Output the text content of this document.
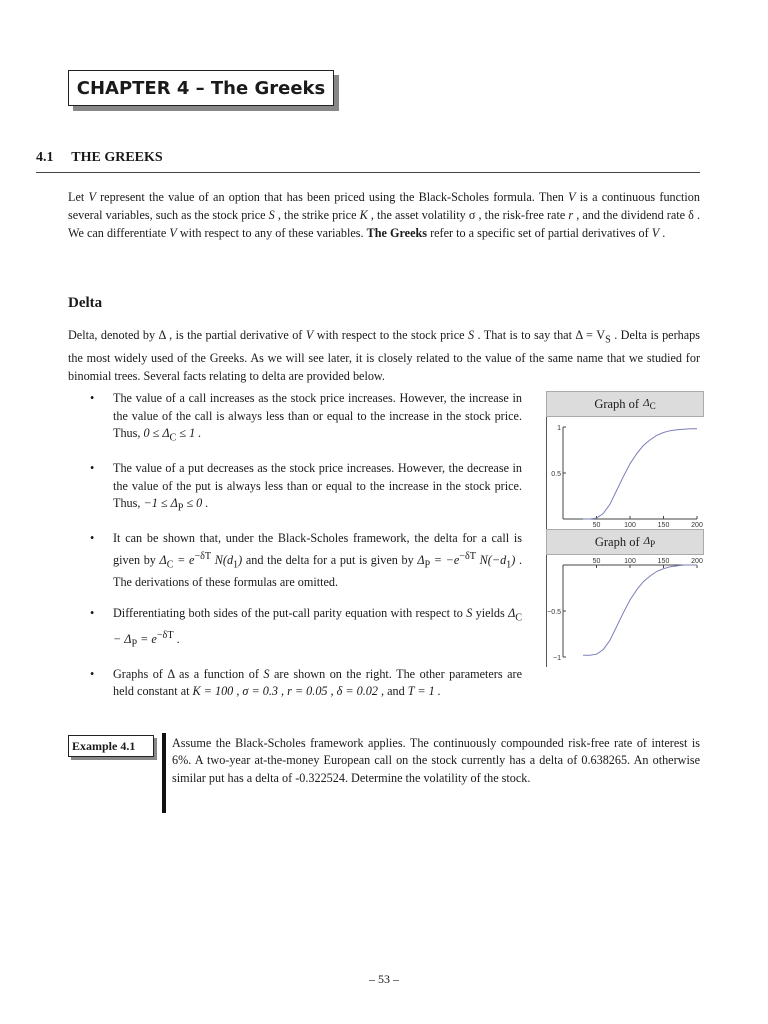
CHAPTER 4 – The Greeks
4.1 THE GREEKS
Let V represent the value of an option that has been priced using the Black-Scholes formula. Then V is a continuous function several variables, such as the stock price S , the strike price K , the asset volatility σ , the risk-free rate r , and the dividend rate δ . We can differentiate V with respect to any of these variables. The Greeks refer to a specific set of partial derivatives of V .
Delta
Delta, denoted by Δ , is the partial derivative of V with respect to the stock price S . That is to say that $\Delta = V_S$ . Delta is perhaps the most widely used of the Greeks. As we will see later, it is closely related to the value of the same name that we studied for binomial trees. Several facts relating to delta are provided below.
• The value of a call increases as the stock price increases. However, the increase in the value of the call is always less than or equal to the increase in the stock price. Thus, $0 \le \Delta_C \le 1$ .
• The value of a put decreases as the stock price increases. However, the decrease in the value of the put is always less than or equal to the increase in the stock price. Thus, $-1 \le \Delta_P \le 0$ .
• It can be shown that, under the Black-Scholes framework, the delta for a call is given by $\Delta_C = e^{-\delta T}$ $N(d_1)$ and the delta for a put is given by $\Delta_P = -e^{-\delta T}$ $N(-d_1)$ . The derivations of these formulas are omitted.
• Differentiating both sides of the put-call parity equation with respect to S yields $\Delta_C - \Delta_P = e^{-\delta T}$ .
• Graphs of Δ as a function of S are shown on the right. The other parameters are held constant at K = 100 , σ = 0.3 , r = 0.05 , δ = 0.02 , and T = 1 .
Graph of $\Delta_C$
1
0.5
50	100	150	200
Graph of $\Delta_P$
−0.5
−1
50	100	150	200
Example 4.1	Assume the Black-Scholes framework applies. The continuously compounded risk-free rate of interest is 6%. A two-year at-the-money European call on the stock currently has a delta of 0.638265. An otherwise similar put has a delta of -0.322524. Determine the volatility of the stock.
– 53 –
